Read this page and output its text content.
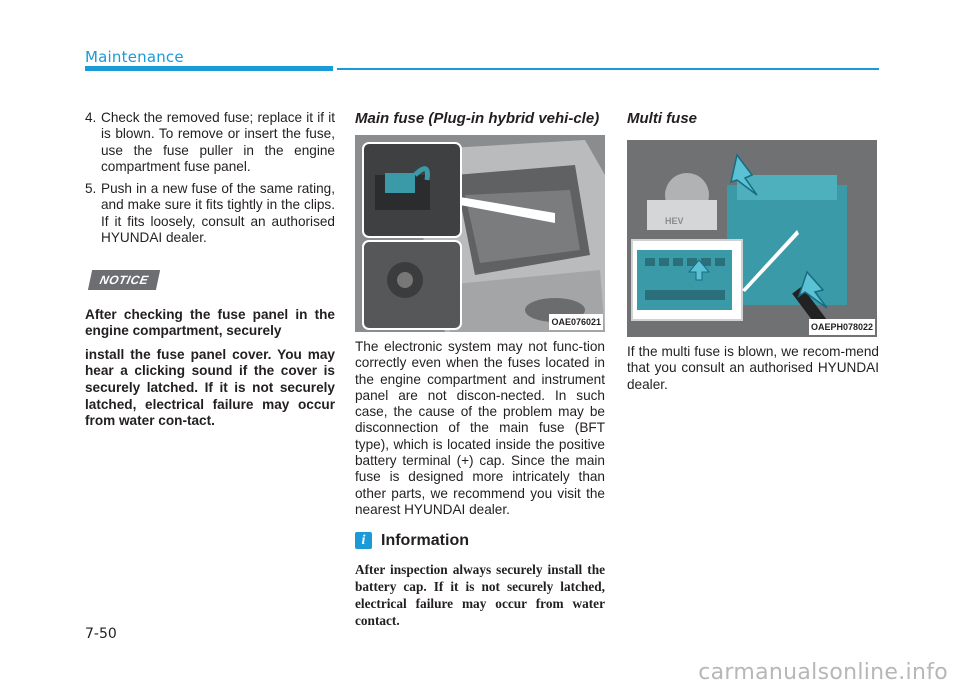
Maintenance
4. Check the removed fuse; replace it if it is blown. To remove or insert the fuse, use the fuse puller in the engine compartment fuse panel.
5. Push in a new fuse of the same rating, and make sure it fits tightly in the clips. If it fits loosely, consult an authorised HYUNDAI dealer.
NOTICE

After checking the fuse panel in the engine compartment, securely

install the fuse panel cover. You may hear a clicking sound if the cover is securely latched. If it is not securely latched, electrical failure may occur from water con-tact.

Main fuse (Plug-in hybrid vehi-cle)

OAE076021

The electronic system may not func-tion correctly even when the fuses located in the engine compartment and instrument panel are not discon-nected. In such case, the cause of the problem may be disconnection of the main fuse (BFT type), which is located inside the positive battery terminal (+) cap. Since the main fuse is designed more intricately than other parts, we recommend you visit the nearest HYUNDAI dealer.

i Information
After inspection always securely install the battery cap. If it is not securely latched, electrical failure may occur from water contact.

Multi fuse

HEV
OAEPH078022

If the multi fuse is blown, we recom-mend that you consult an authorised HYUNDAI dealer.

7-50
carmanualsonline.info
